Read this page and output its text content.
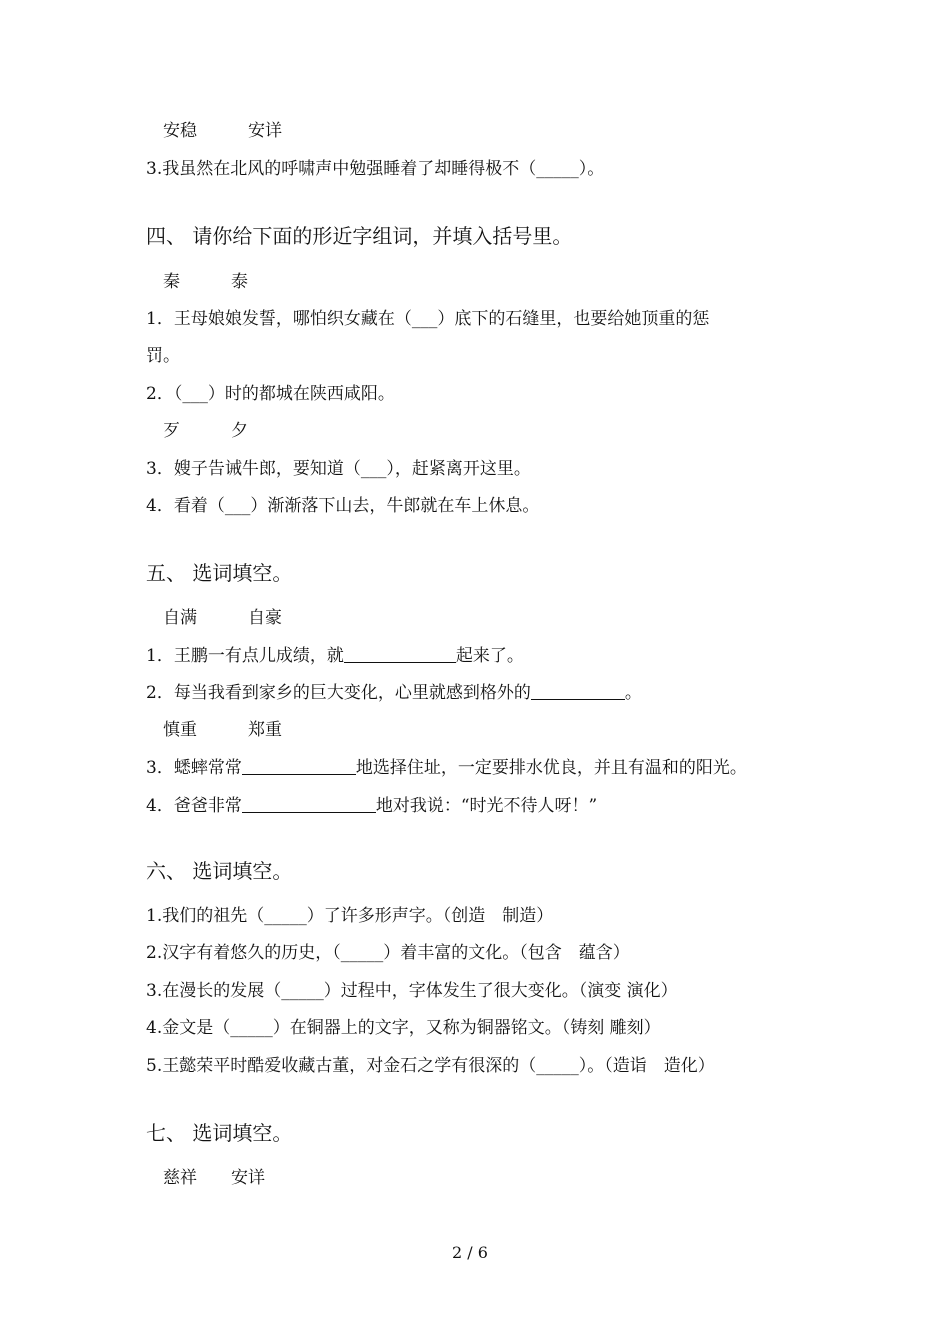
安稳　　　安详
3.我虽然在北风的呼啸声中勉强睡着了却睡得极不（_____）。
四、 请你给下面的形近字组词，并填入括号里。
秦　　　泰
1．王母娘娘发誓，哪怕织女藏在（___）底下的石缝里，也要给她顶重的惩
罚。
2．（___）时的都城在陕西咸阳。
歹　　　夕
3．嫂子告诫牛郎，要知道（___），赶紧离开这里。
4．看着（___）渐渐落下山去，牛郎就在车上休息。
五、 选词填空。
自满　　　自豪
1．王鹏一有点儿成绩，就	起来了。
2．每当我看到家乡的巨大变化，心里就感到格外的	。
慎重　　　郑重
3．蟋蟀常常	地选择住址，一定要排水优良，并且有温和的阳光。
4．爸爸非常	地对我说：“时光不待人呀！”
六、 选词填空。
1.我们的祖先（_____）了许多形声字。（创造　制造）
2.汉字有着悠久的历史，（_____）着丰富的文化。（包含　蕴含）
3.在漫长的发展（_____）过程中，字体发生了很大变化。（演变 演化）
4.金文是（_____）在铜器上的文字，又称为铜器铭文。（铸刻 雕刻）
5.王懿荣平时酷爱收藏古董，对金石之学有很深的（_____）。（造诣　造化）
七、 选词填空。
慈祥　　安详
2 / 6
